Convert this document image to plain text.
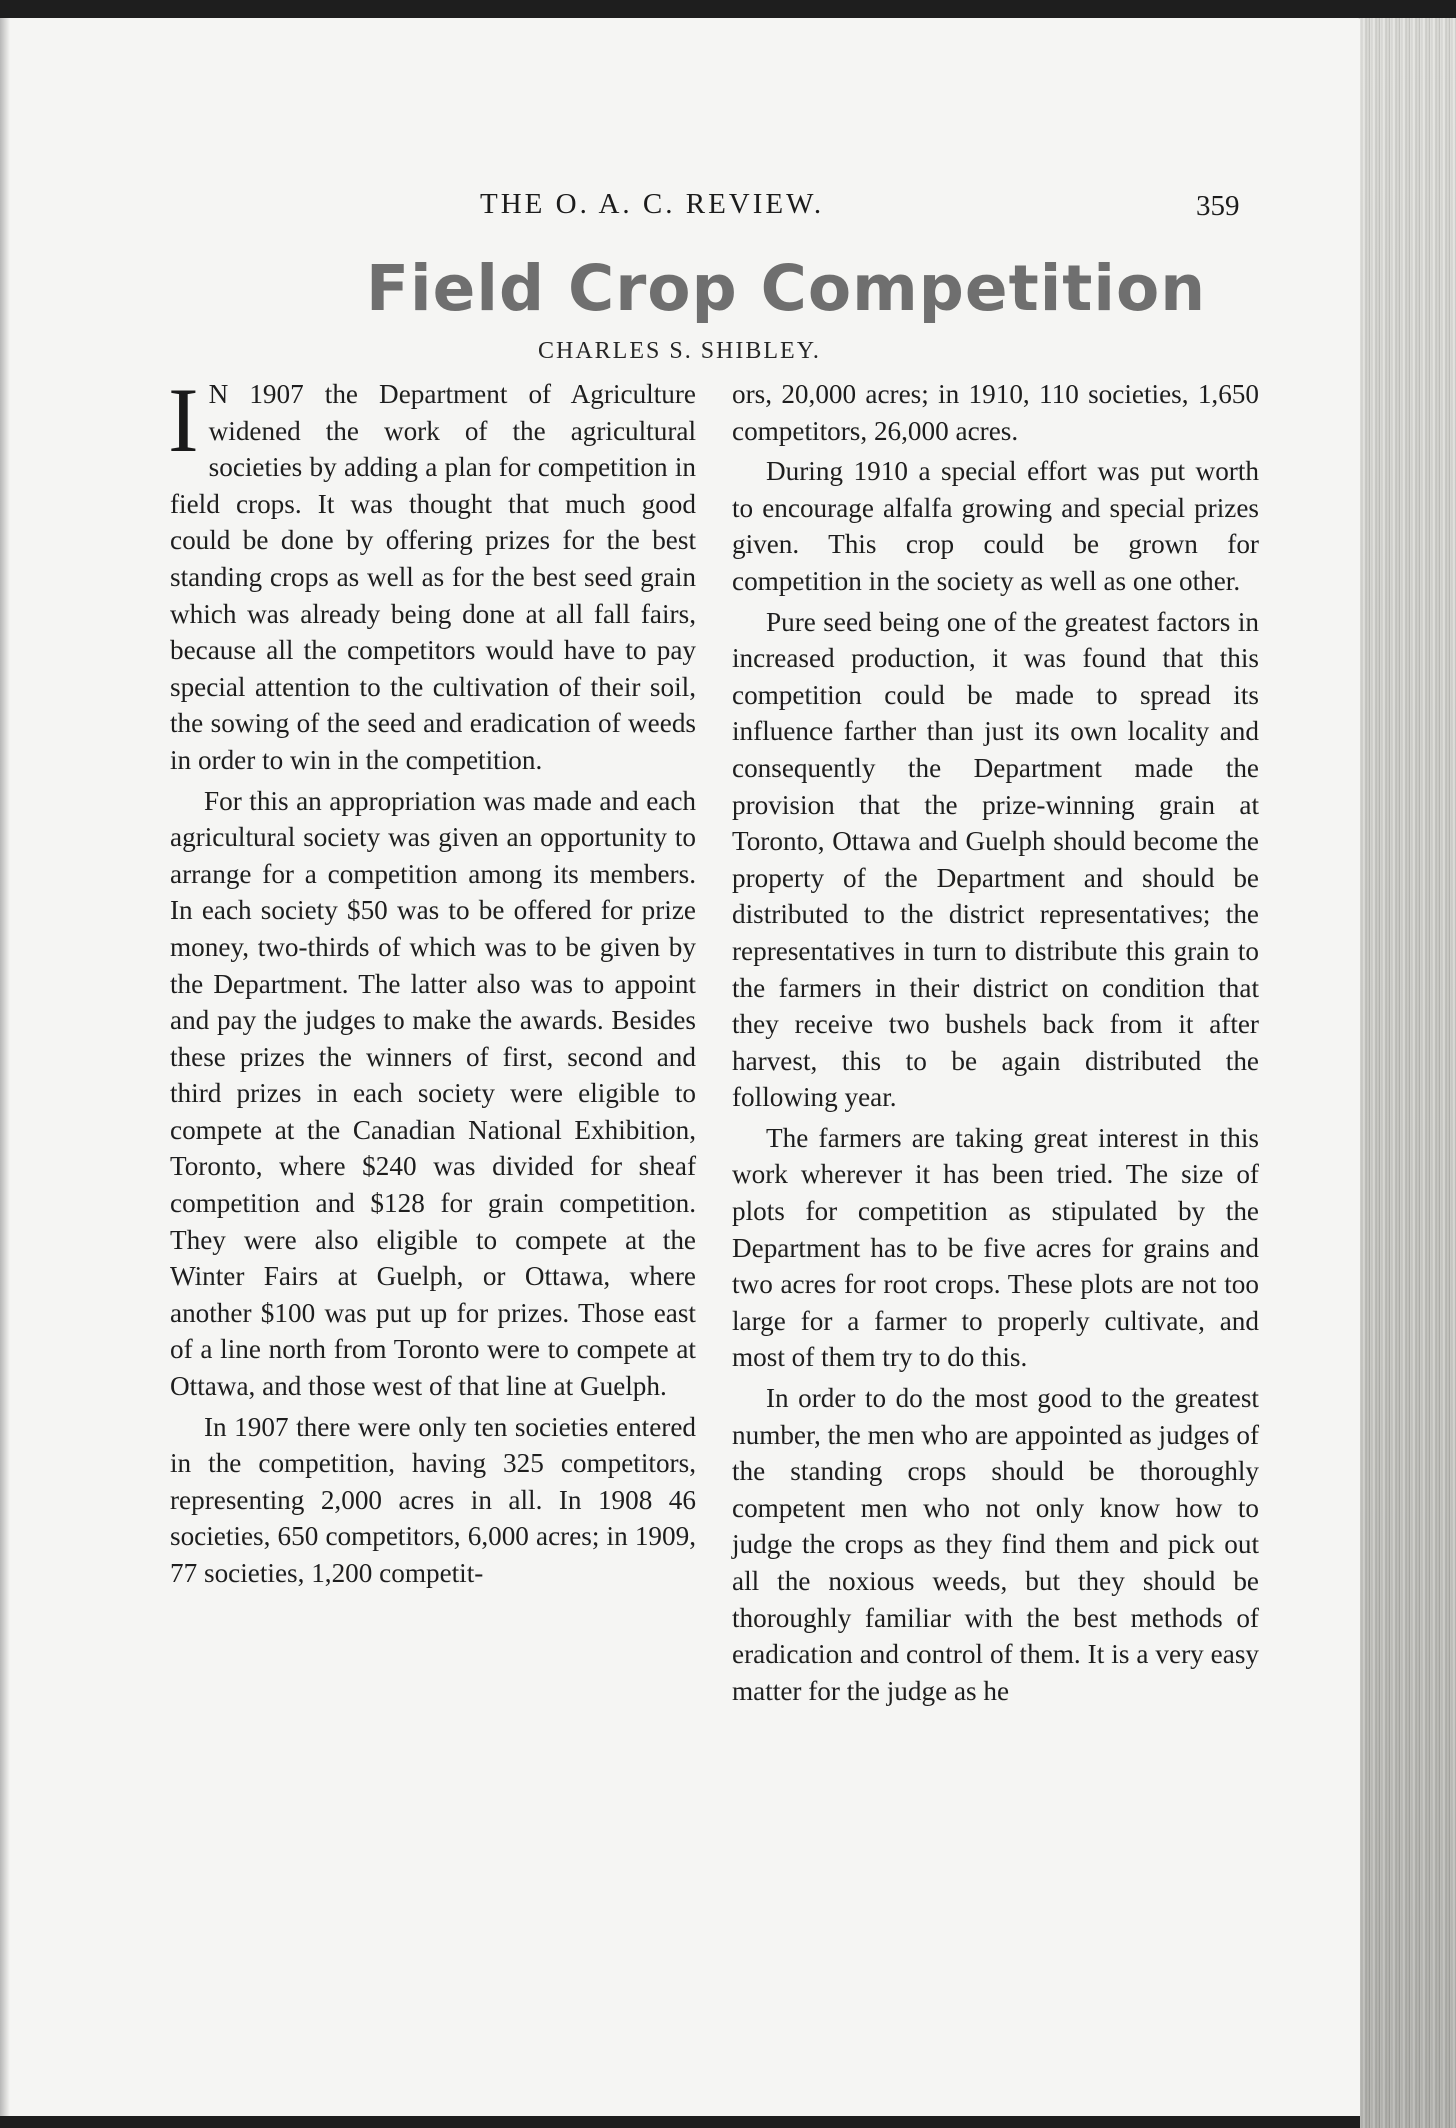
THE O. A. C. REVIEW.	359
Field Crop Competition
CHARLES S. SHIBLEY.

I N 1907 the Department of Agriculture widened the work of the agricultural societies by adding a plan for competition in field crops. It was thought that much good could be done by offering prizes for the best standing crops as well as for the best seed grain which was already being done at all fall fairs, because all the competitors would have to pay special attention to the cultivation of their soil, the sowing of the seed and eradication of weeds in order to win in the competition.

For this an appropriation was made and each agricultural society was given an opportunity to arrange for a competition among its members. In each society $50 was to be offered for prize money, two-thirds of which was to be given by the Department. The latter also was to appoint and pay the judges to make the awards. Besides these prizes the winners of first, second and third prizes in each society were eligible to compete at the Canadian National Exhibition, Toronto, where $240 was divided for sheaf competition and $128 for grain competition. They were also eligible to compete at the Winter Fairs at Guelph, or Ottawa, where another $100 was put up for prizes. Those east of a line north from Toronto were to compete at Ottawa, and those west of that line at Guelph.

In 1907 there were only ten societies entered in the competition, having 325 competitors, representing 2,000 acres in all. In 1908 46 societies, 650 competitors, 6,000 acres; in 1909, 77 societies, 1,200 competit-

ors, 20,000 acres; in 1910, 110 societies, 1,650 competitors, 26,000 acres.

During 1910 a special effort was put worth to encourage alfalfa growing and special prizes given. This crop could be grown for competition in the society as well as one other.

Pure seed being one of the greatest factors in increased production, it was found that this competition could be made to spread its influence farther than just its own locality and consequently the Department made the provision that the prize-winning grain at Toronto, Ottawa and Guelph should become the property of the Department and should be distributed to the district representatives; the representatives in turn to distribute this grain to the farmers in their district on condition that they receive two bushels back from it after harvest, this to be again distributed the following year.

The farmers are taking great interest in this work wherever it has been tried. The size of plots for competition as stipulated by the Department has to be five acres for grains and two acres for root crops. These plots are not too large for a farmer to properly cultivate, and most of them try to do this.

In order to do the most good to the greatest number, the men who are appointed as judges of the standing crops should be thoroughly competent men who not only know how to judge the crops as they find them and pick out all the noxious weeds, but they should be thoroughly familiar with the best methods of eradication and control of them. It is a very easy matter for the judge as he
